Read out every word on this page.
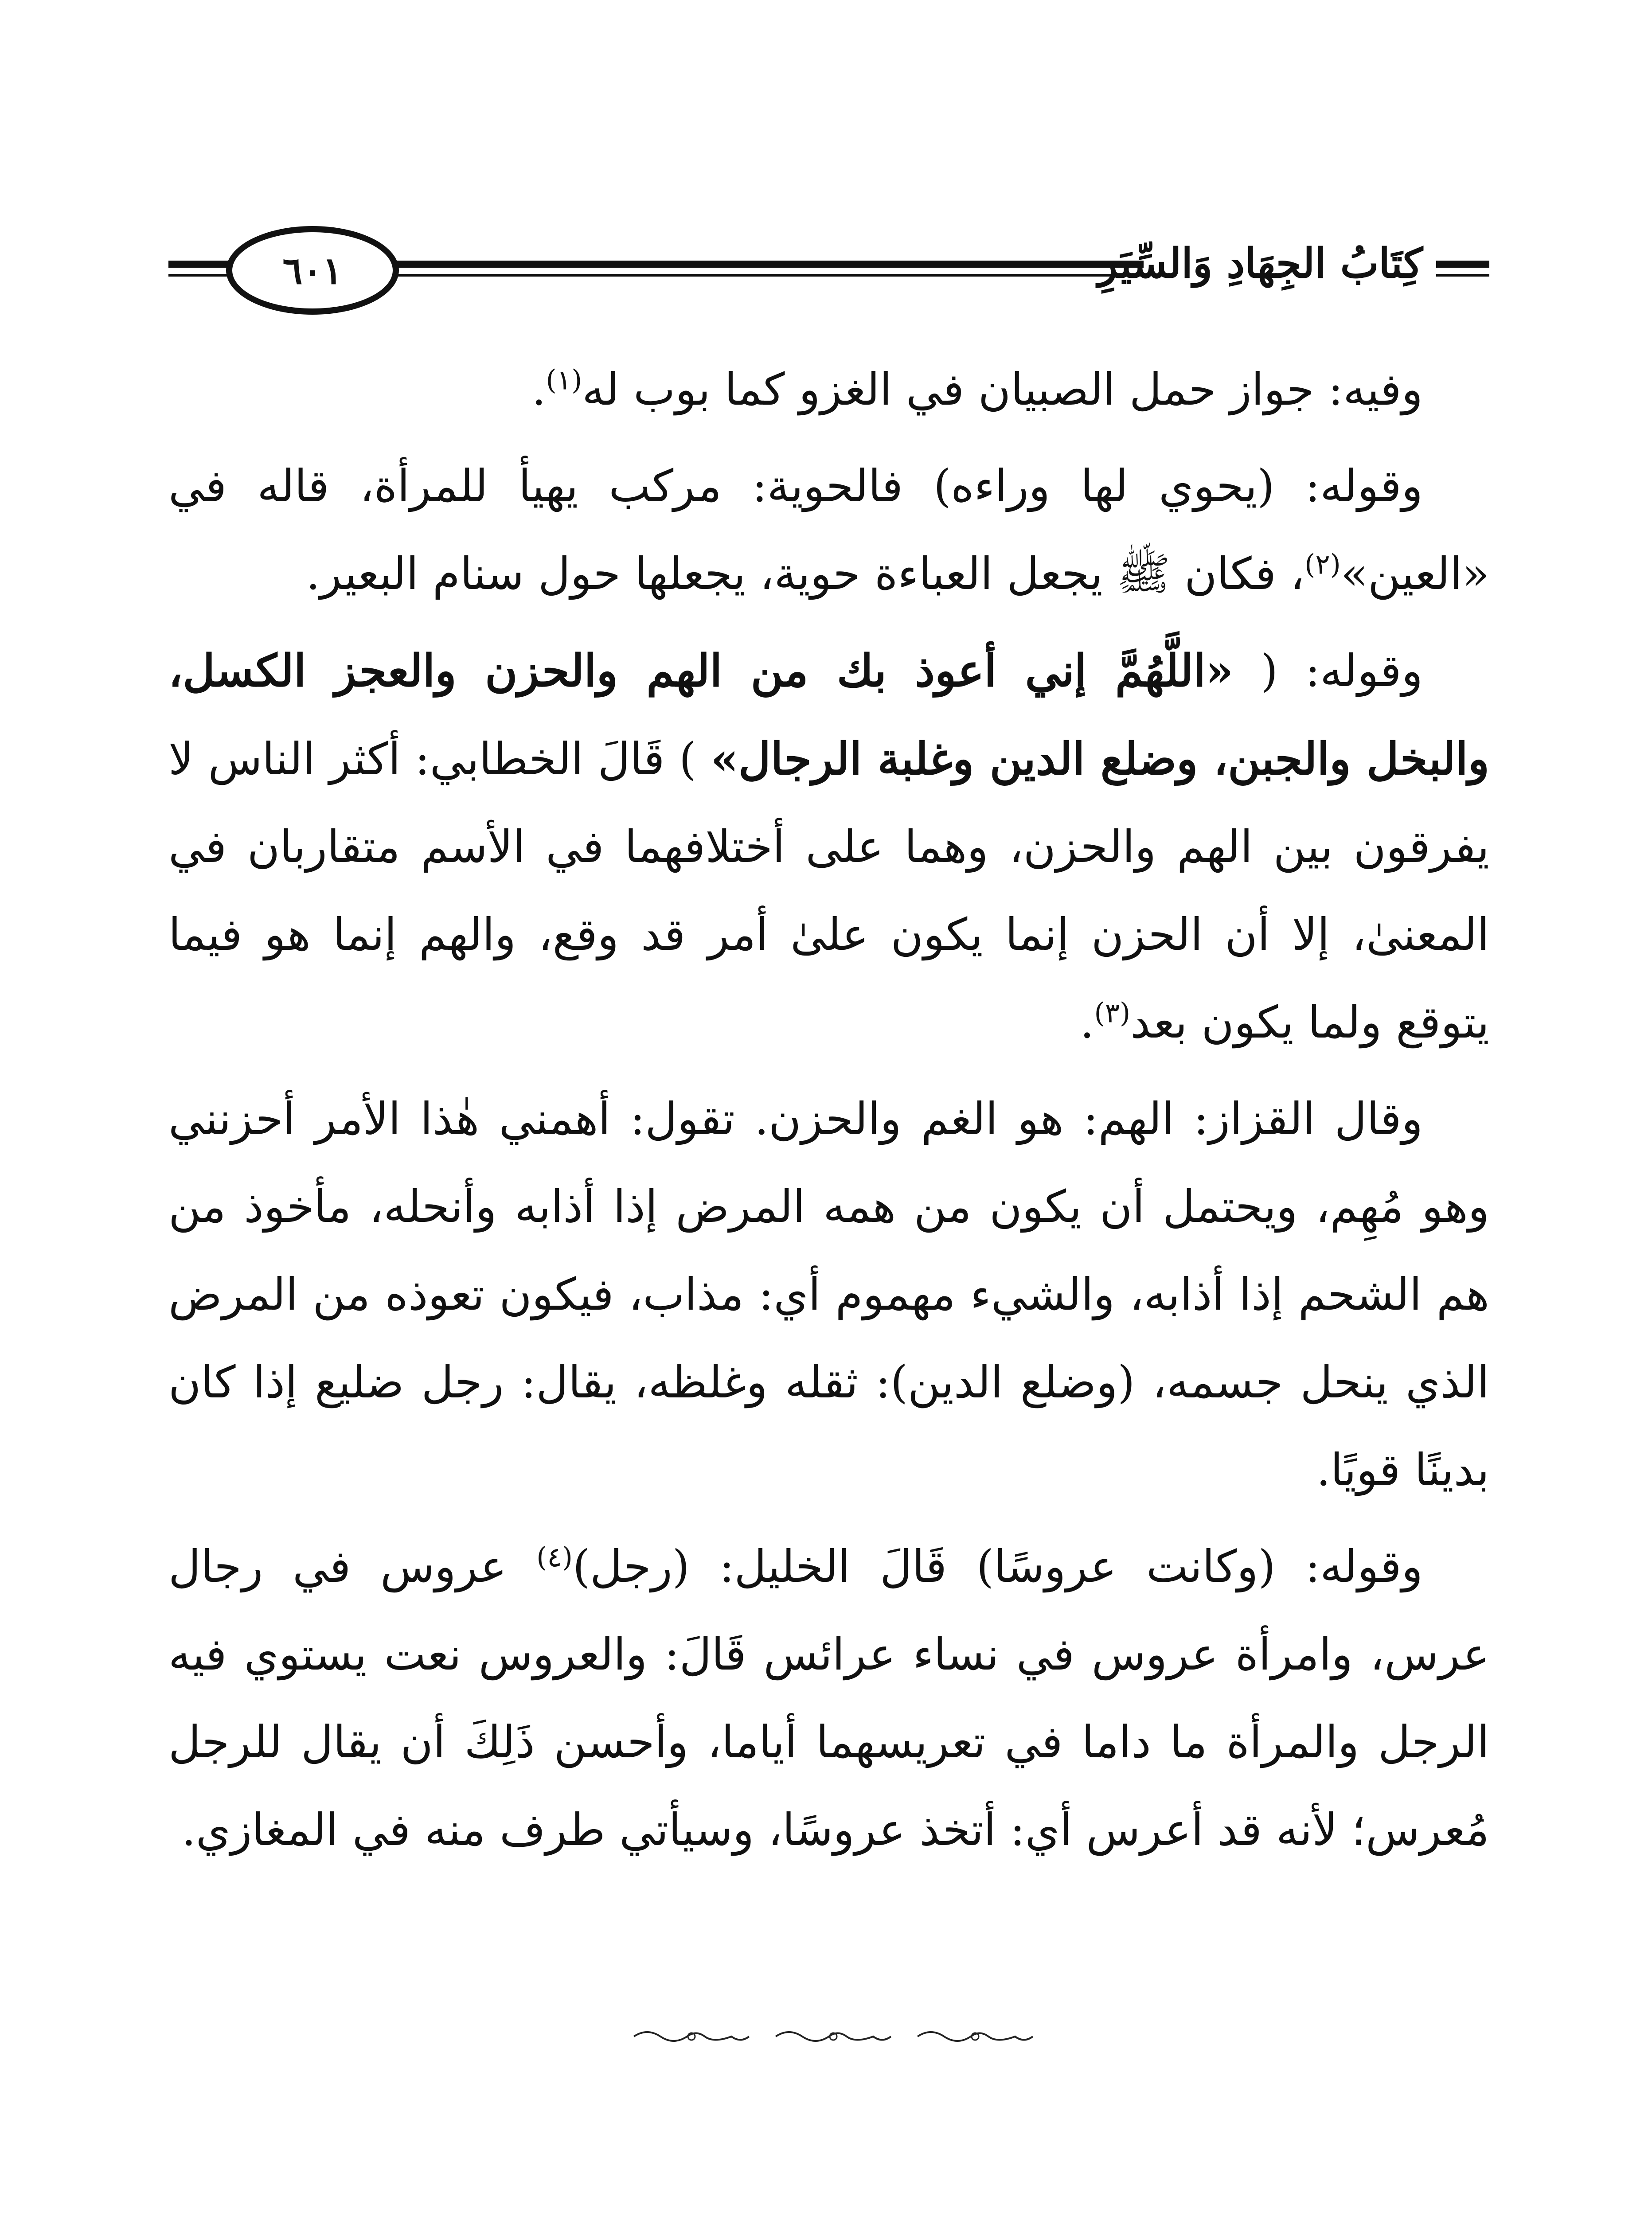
كِتَابُ الجِهَادِ وَالسِّيَرِ
٦٠١

وفيه: جواز حمل الصبيان في الغزو كما بوب له$^{(١)}$.

وقوله: (يحوي لها وراءه) فالحوية: مركب يهيأ للمرأة، قاله في «العين»$^{(٢)}$، فكان ﷺ يجعل العباءة حوية، يجعلها حول سنام البعير.

وقوله: ( «اللَّهُمَّ إني أعوذ بك من الهم والحزن والعجز الكسل، والبخل والجبن، وضلع الدين وغلبة الرجال» ) قَالَ الخطابي: أكثر الناس لا يفرقون بين الهم والحزن، وهما على أختلافهما في الأسم متقاربان في المعنىٰ، إلا أن الحزن إنما يكون علىٰ أمر قد وقع، والهم إنما هو فيما يتوقع ولما يكون بعد$^{(٣)}$.

وقال القزاز: الهم: هو الغم والحزن. تقول: أهمني هٰذا الأمر أحزنني وهو مُهِم، ويحتمل أن يكون من همه المرض إذا أذابه وأنحله، مأخوذ من هم الشحم إذا أذابه، والشيء مهموم أي: مذاب، فيكون تعوذه من المرض الذي ينحل جسمه، (وضلع الدين): ثقله وغلظه، يقال: رجل ضليع إذا كان بدينًا قويًا.

وقوله: (وكانت عروسًا) قَالَ الخليل: (رجل)$^{(٤)}$ عروس في رجال عرس، وامرأة عروس في نساء عرائس قَالَ: والعروس نعت يستوي فيه الرجل والمرأة ما داما في تعريسهما أياما، وأحسن ذَلِكَ أن يقال للرجل مُعرس؛ لأنه قد أعرس أي: أتخذ عروسًا، وسيأتي طرف منه في المغازي.
